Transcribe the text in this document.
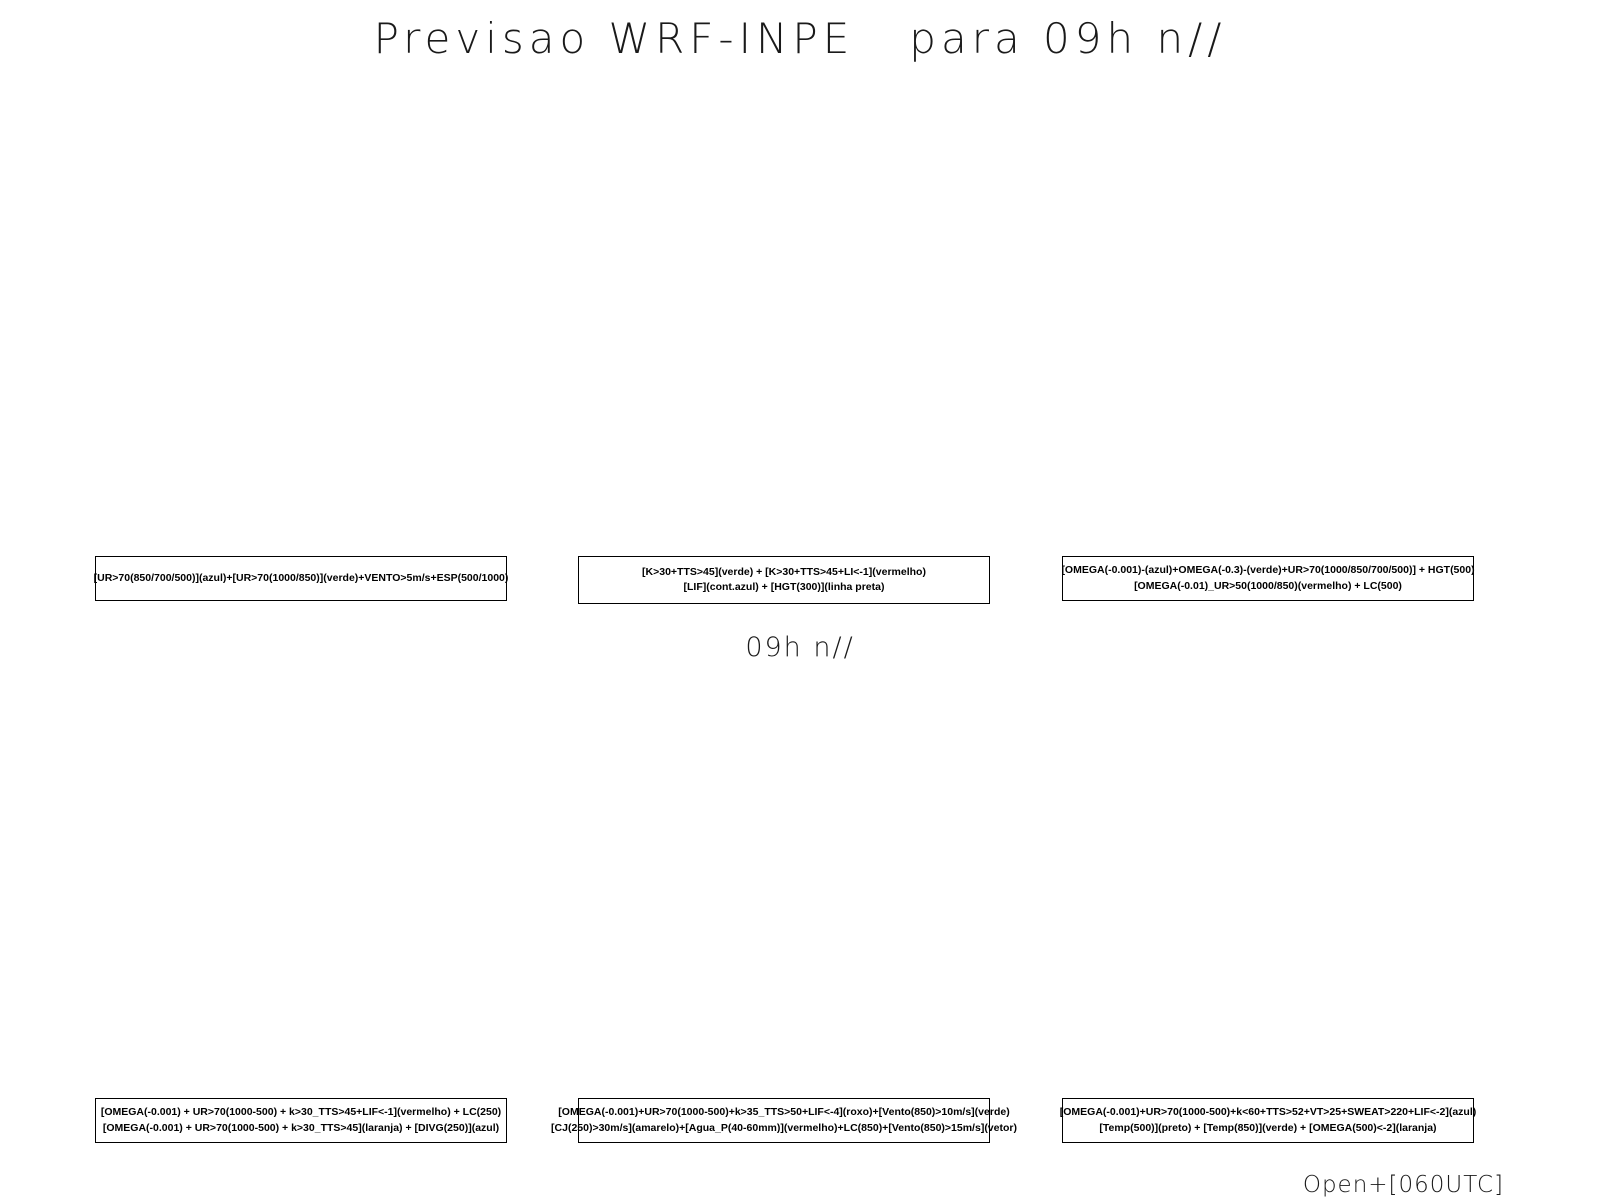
Previsao WRF-INPE   para 09h n//
[UR>70(850/700/500)](azul)+[UR>70(1000/850)](verde)+VENTO>5m/s+ESP(500/1000)
[K>30+TTS>45](verde) + [K>30+TTS>45+LI<-1](vermelho)
[LIF](cont.azul) + [HGT(300)](linha preta)
[OMEGA(-0.001)-(azul)+OMEGA(-0.3)-(verde)+UR>70(1000/850/700/500)] + HGT(500)
[OMEGA(-0.01)_UR>50(1000/850)(vermelho) + LC(500)
09h n//
[OMEGA(-0.001) + UR>70(1000-500) + k>30_TTS>45+LIF<-1](vermelho) + LC(250)
[OMEGA(-0.001) + UR>70(1000-500) + k>30_TTS>45](laranja) + [DIVG(250)](azul)
[OMEGA(-0.001)+UR>70(1000-500)+k>35_TTS>50+LIF<-4](roxo)+[Vento(850)>10m/s](verde)
[CJ(250)>30m/s](amarelo)+[Agua_P(40-60mm)](vermelho)+LC(850)+[Vento(850)>15m/s](vetor)
[OMEGA(-0.001)+UR>70(1000-500)+k<60+TTS>52+VT>25+SWEAT>220+LIF<-2](azul)
[Temp(500)](preto) + [Temp(850)](verde) + [OMEGA(500)<-2](laranja)
Open+[060UTC]
